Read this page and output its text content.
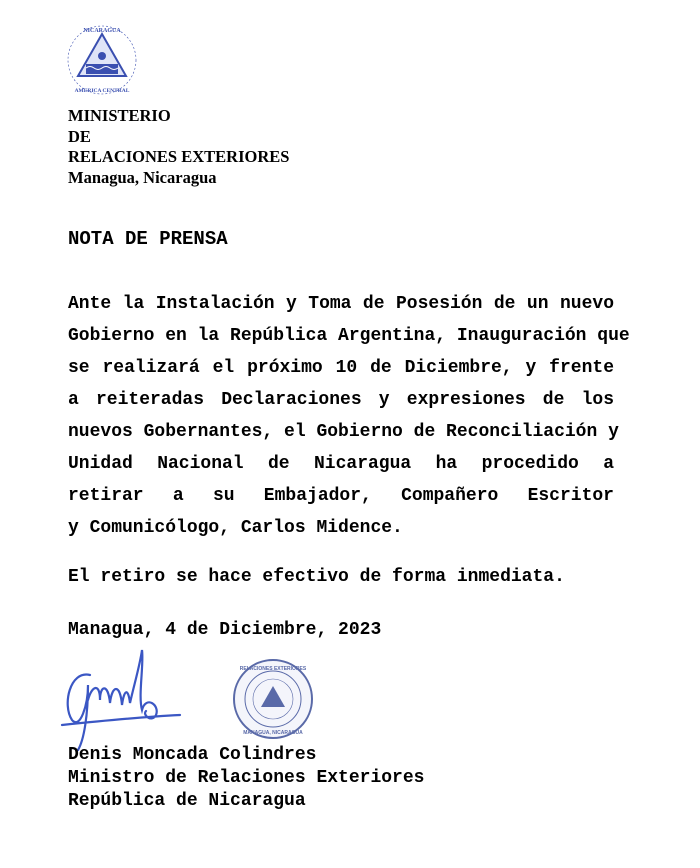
NICARAGUA
AMERICA CENTRAL
MINISTERIO
DE
RELACIONES EXTERIORES
Managua, Nicaragua
NOTA DE PRENSA
Ante la Instalación y Toma de Posesión de un nuevo
Gobierno en la República Argentina, Inauguración que
se realizará el próximo 10 de Diciembre, y frente
a reiteradas Declaraciones y expresiones de los
nuevos Gobernantes, el Gobierno de Reconciliación y
Unidad Nacional de Nicaragua ha procedido a
retirar a su Embajador, Compañero Escritor
y Comunicólogo, Carlos Midence.
El retiro se hace efectivo de forma inmediata.
Managua, 4 de Diciembre, 2023
RELACIONES EXTERIORES
MANAGUA, NICARAGUA
Denis Moncada Colindres
Ministro de Relaciones Exteriores
República de Nicaragua
